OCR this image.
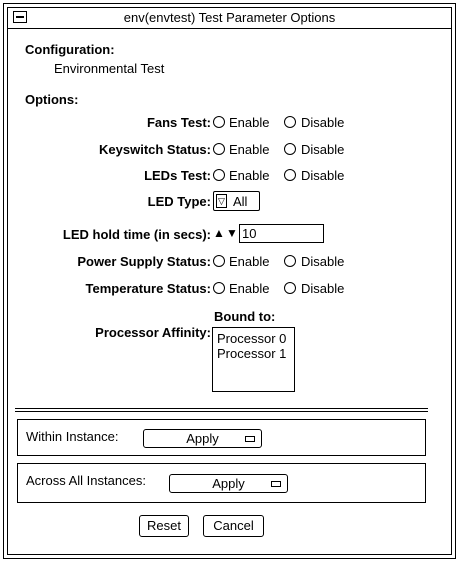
env(envtest) Test Parameter Options
Configuration:
Environmental Test
Options:
Fans Test: Enable Disable
Keyswitch Status: Enable Disable
LEDs Test: Enable Disable
LED Type: ▽ All
LED hold time (in secs): ▲ ▼ 10
Power Supply Status: Enable Disable
Temperature Status: Enable Disable
Bound to:
Processor Affinity: Processor 0
Processor 1
Within Instance:	Apply
Across All Instances:	Apply
Reset	Cancel
